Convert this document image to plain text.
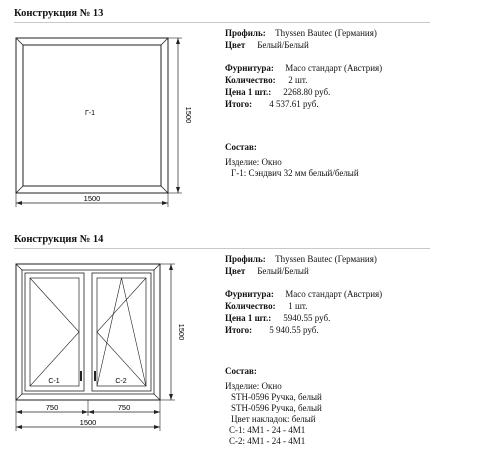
Конструкция № 13
Г-1	1500
1500
Профиль: Thyssen Bautec (Германия)
Цвет Белый/Белый
Фурнитура: Масо стандарт (Австрия)
Количество: 2 шт.
Цена 1 шт.: 2268.80 руб.
Итого: 4 537.61 руб.
Состав:
Изделие: Окно
Г-1: Сэндвич 32 мм белый/белый
Конструкция № 14
С-1	С-2
1500
750	750
1500
Профиль: Thyssen Bautec (Германия)
Цвет Белый/Белый
Фурнитура: Масо стандарт (Австрия)
Количество: 1 шт.
Цена 1 шт.: 5940.55 руб.
Итого: 5 940.55 руб.
Состав:
Изделие: Окно
STH-0596 Ручка, белый
STH-0596 Ручка, белый
Цвет накладок: белый
С-1: 4М1 - 24 - 4М1
С-2: 4М1 - 24 - 4М1
